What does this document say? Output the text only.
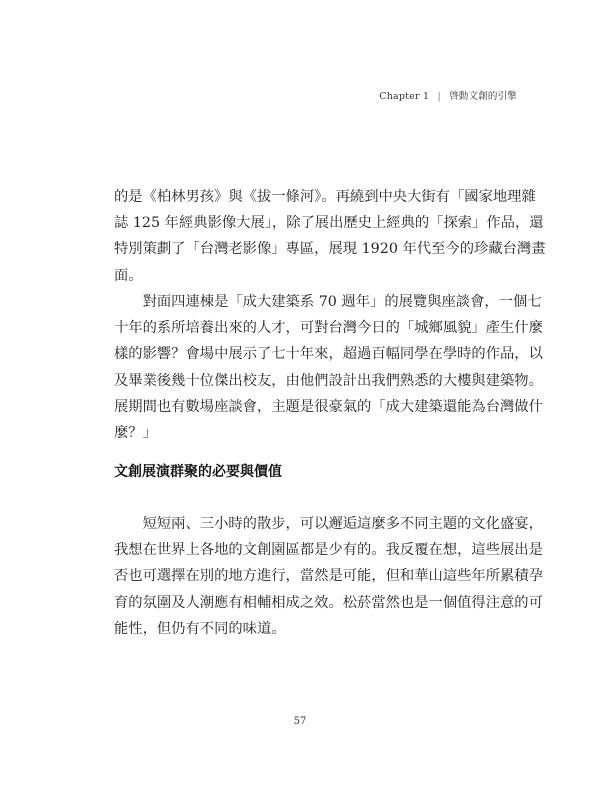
Chapter 1 | 啓動文創的引擎

的是《柏林男孩》與《拔一條河》。再繞到中央大街有「國家地理雜
誌 125 年經典影像大展」，除了展出歷史上經典的「探索」作品，還
特別策劃了「台灣老影像」專區，展現 1920 年代至今的珍藏台灣畫
面。

　　對面四連棟是「成大建築系 70 週年」的展覽與座談會，一個七
十年的系所培養出來的人才，可對台灣今日的「城鄉風貌」產生什麼
樣的影響？會場中展示了七十年來，超過百幅同學在學時的作品，以
及畢業後幾十位傑出校友，由他們設計出我們熟悉的大樓與建築物。
展期間也有數場座談會，主題是很豪氣的「成大建築還能為台灣做什
麼？」

文創展演群聚的必要與價值

　　短短兩、三小時的散步，可以邂逅這麼多不同主題的文化盛宴，
我想在世界上各地的文創園區都是少有的。我反覆在想，這些展出是
否也可選擇在別的地方進行，當然是可能，但和華山這些年所累積孕
育的氛圍及人潮應有相輔相成之效。松菸當然也是一個值得注意的可
能性，但仍有不同的味道。

57
